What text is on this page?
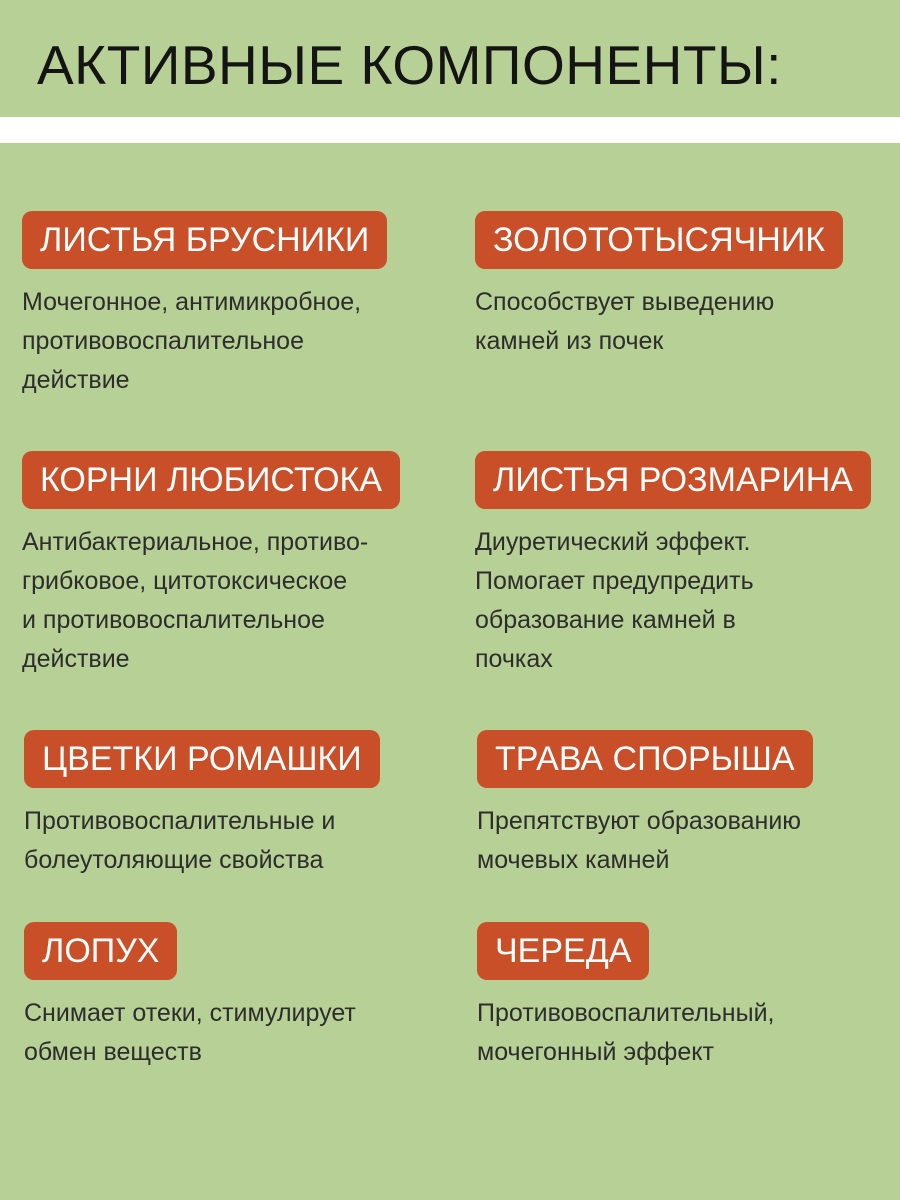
АКТИВНЫЕ КОМПОНЕНТЫ:
ЛИСТЬЯ БРУСНИКИ

Мочегонное, антимикробное,
противовоспалительное
действие

ЗОЛОТОТЫСЯЧНИК

Способствует выведению
камней из почек

КОРНИ ЛЮБИСТОКА

Антибактериальное, противо-
грибковое, цитотоксическое
и противовоспалительное
действие

ЛИСТЬЯ РОЗМАРИНА

Диуретический эффект.
Помогает предупредить
образование камней в
почках

ЦВЕТКИ РОМАШКИ

Противовоспалительные и
болеутоляющие свойства

ТРАВА СПОРЫША

Препятствуют образованию
мочевых камней

ЛОПУХ

Снимает отеки, стимулирует
обмен веществ

ЧЕРЕДА

Противовоспалительный,
мочегонный эффект
